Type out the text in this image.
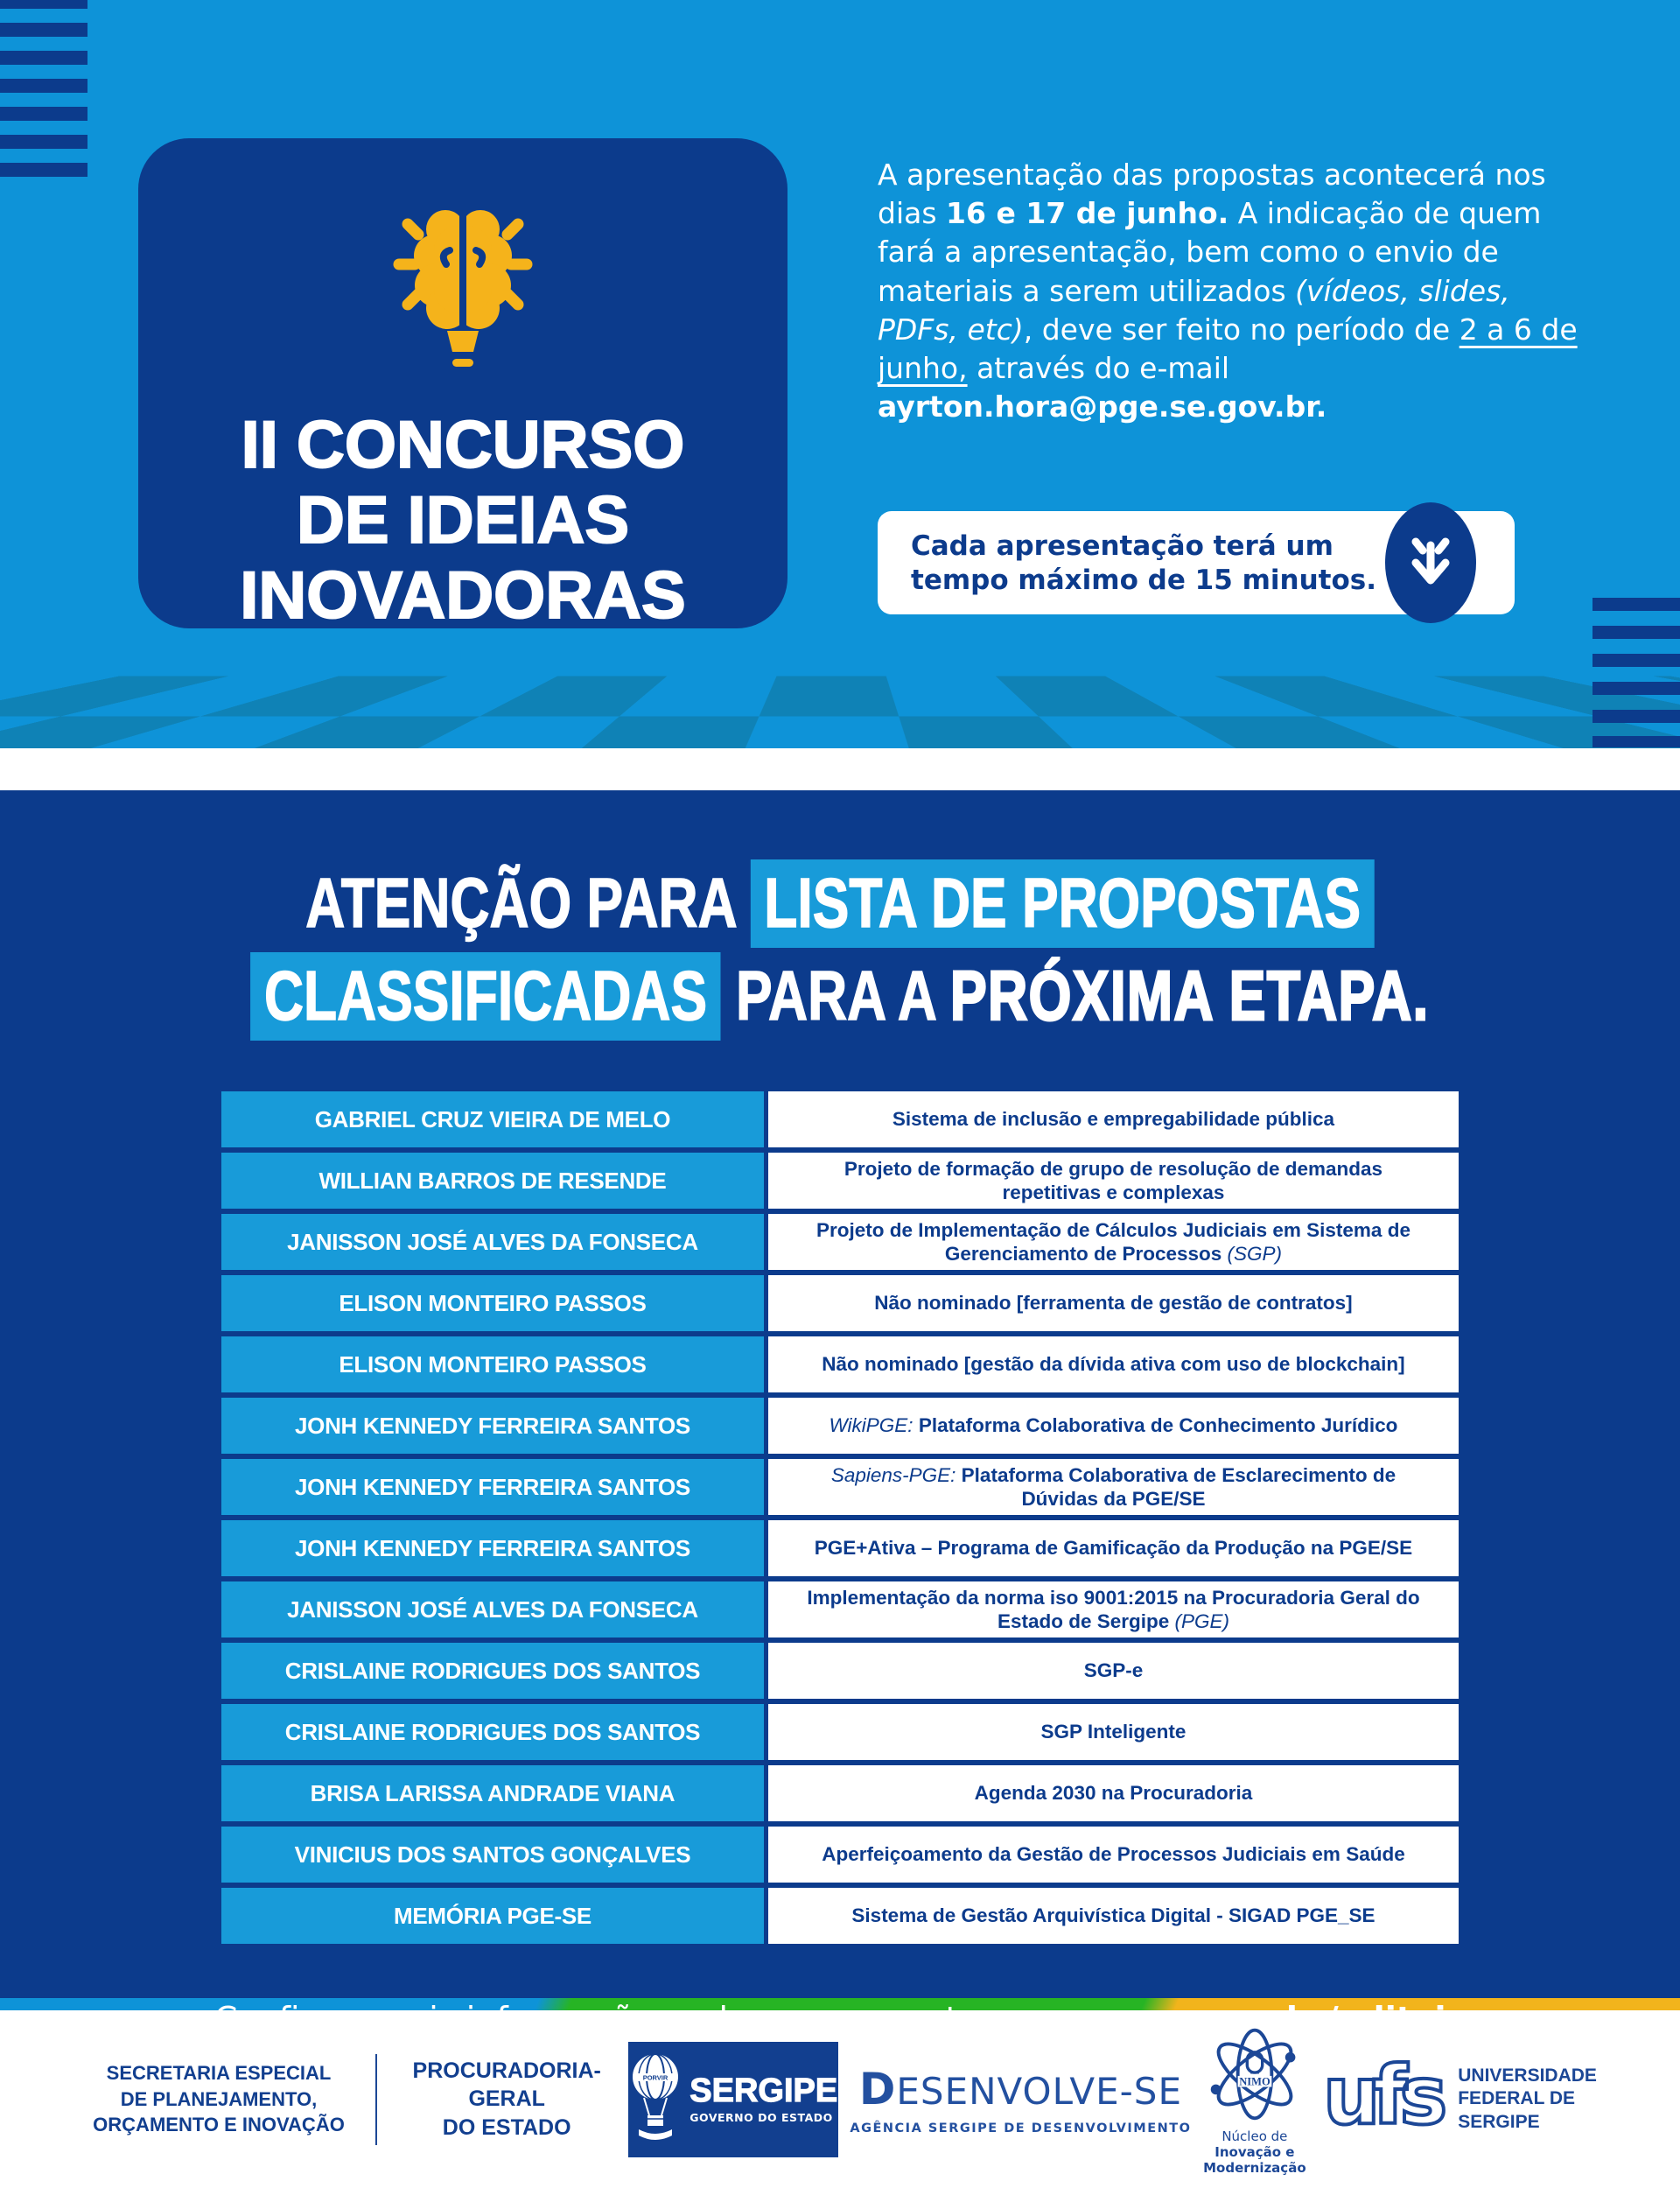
II CONCURSO
DE IDEIAS
INOVADORAS
A apresentação das propostas acontecerá nos dias 16 e 17 de junho. A indicação de quem fará a apresentação, bem como o envio de materiais a serem utilizados (vídeos, slides, PDFs, etc), deve ser feito no período de 2 a 6 de junho, através do e-mail ayrton.hora@pge.se.gov.br.
Cada apresentação terá um tempo máximo de 15 minutos.
ATENÇÃO PARA LISTA DE PROPOSTAS
CLASSIFICADAS PARA A PRÓXIMA ETAPA.
GABRIEL CRUZ VIEIRA DE MELO	Sistema de inclusão e empregabilidade pública
WILLIAN BARROS DE RESENDE	Projeto de formação de grupo de resolução de demandas repetitivas e complexas
JANISSON JOSÉ ALVES DA FONSECA	Projeto de Implementação de Cálculos Judiciais em Sistema de Gerenciamento de Processos (SGP)
ELISON MONTEIRO PASSOS	Não nominado [ferramenta de gestão de contratos]
ELISON MONTEIRO PASSOS	Não nominado [gestão da dívida ativa com uso de blockchain]
JONH KENNEDY FERREIRA SANTOS	WikiPGE: Plataforma Colaborativa de Conhecimento Jurídico
JONH KENNEDY FERREIRA SANTOS	Sapiens-PGE: Plataforma Colaborativa de Esclarecimento de Dúvidas da PGE/SE
JONH KENNEDY FERREIRA SANTOS	PGE+Ativa – Programa de Gamificação da Produção na PGE/SE
JANISSON JOSÉ ALVES DA FONSECA	Implementação da norma iso 9001:2015 na Procuradoria Geral do Estado de Sergipe (PGE)
CRISLAINE RODRIGUES DOS SANTOS	SGP-e
CRISLAINE RODRIGUES DOS SANTOS	SGP Inteligente
BRISA LARISSA ANDRADE VIANA	Agenda 2030 na Procuradoria
VINICIUS DOS SANTOS GONÇALVES	Aperfeiçoamento da Gestão de Processos Judiciais em Saúde
MEMÓRIA PGE-SE	Sistema de Gestão Arquivística Digital - SIGAD PGE_SE
Confirma mais informações sobre as propostas em pge.se.gov.br/editais
SECRETARIA ESPECIAL
DE PLANEJAMENTO,
ORÇAMENTO E INOVAÇÃO
PROCURADORIA-GERAL
DO ESTADO
PORVIR SERGIPE
GOVERNO DO ESTADO
DESENVOLVE-SE
AGÊNCIA SERGIPE DE DESENVOLVIMENTO
NIMO
Núcleo de
Inovação e
Modernização
ufs UNIVERSIDADE
FEDERAL DE
SERGIPE
